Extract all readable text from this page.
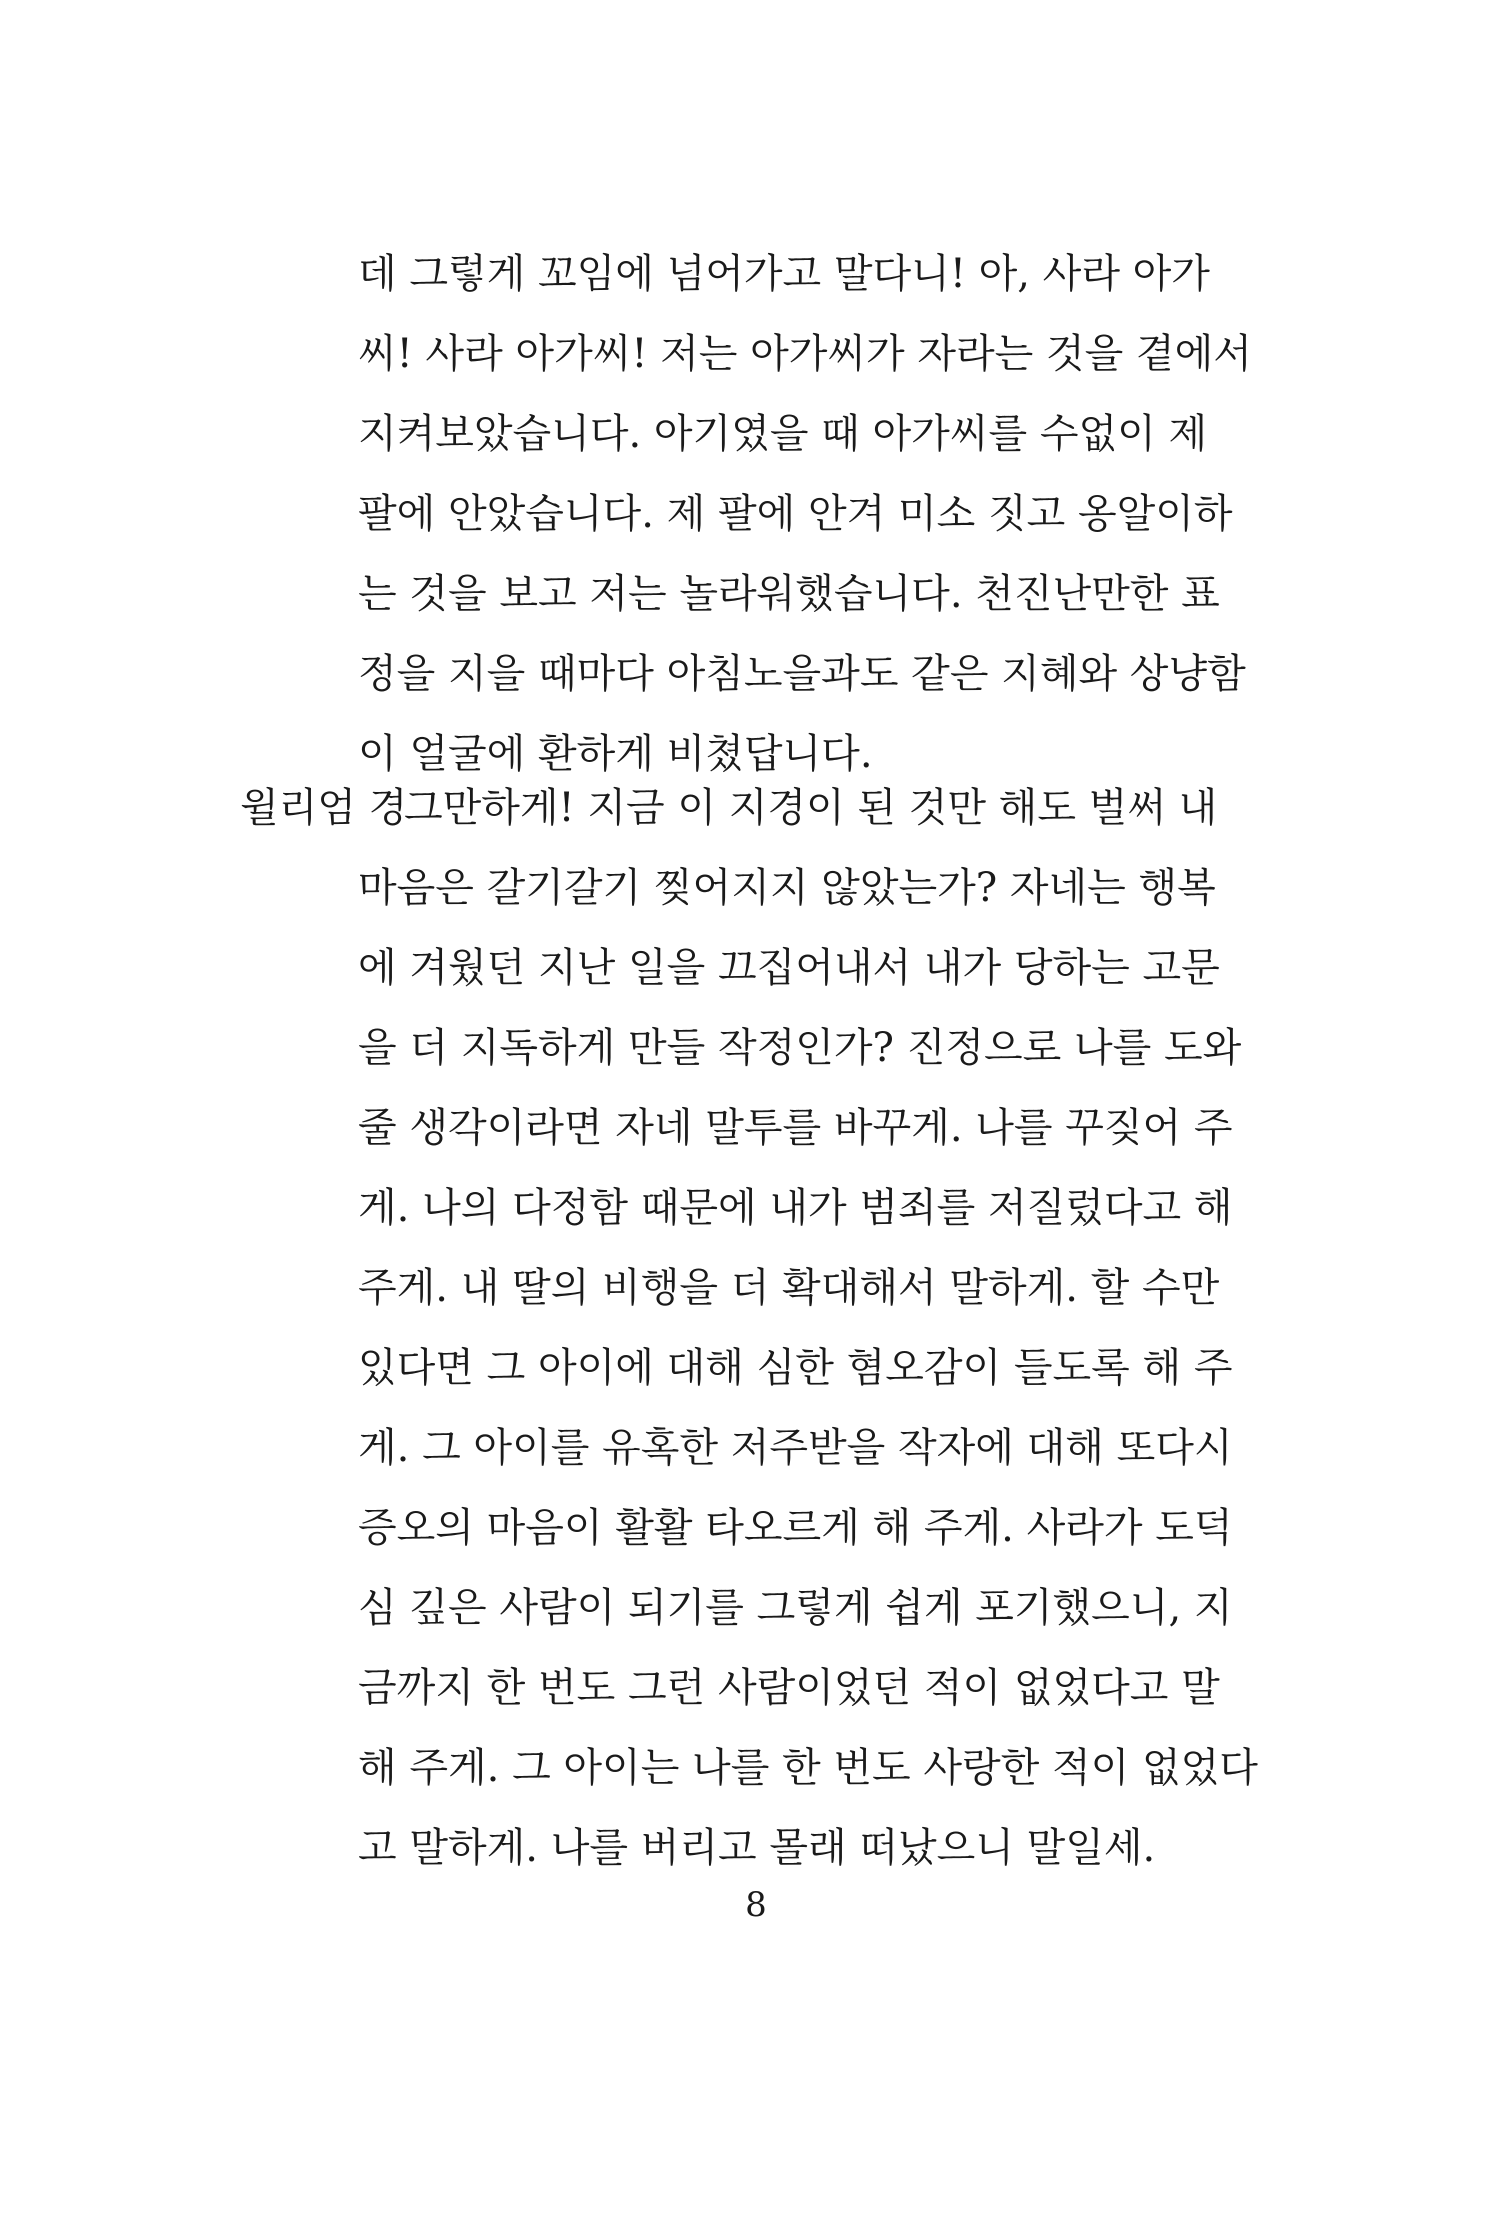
데 그렇게 꼬임에 넘어가고 말다니! 아, 사라 아가
씨! 사라 아가씨! 저는 아가씨가 자라는 것을 곁에서
지켜보았습니다. 아기였을 때 아가씨를 수없이 제
팔에 안았습니다. 제 팔에 안겨 미소 짓고 옹알이하
는 것을 보고 저는 놀라워했습니다. 천진난만한 표
정을 지을 때마다 아침노을과도 같은 지혜와 상냥함
이 얼굴에 환하게 비쳤답니다.
윌리엄 경
그만하게! 지금 이 지경이 된 것만 해도 벌써 내
마음은 갈기갈기 찢어지지 않았는가? 자네는 행복
에 겨웠던 지난 일을 끄집어내서 내가 당하는 고문
을 더 지독하게 만들 작정인가? 진정으로 나를 도와
줄 생각이라면 자네 말투를 바꾸게. 나를 꾸짖어 주
게. 나의 다정함 때문에 내가 범죄를 저질렀다고 해
주게. 내 딸의 비행을 더 확대해서 말하게. 할 수만
있다면 그 아이에 대해 심한 혐오감이 들도록 해 주
게. 그 아이를 유혹한 저주받을 작자에 대해 또다시
증오의 마음이 활활 타오르게 해 주게. 사라가 도덕
심 깊은 사람이 되기를 그렇게 쉽게 포기했으니, 지
금까지 한 번도 그런 사람이었던 적이 없었다고 말
해 주게. 그 아이는 나를 한 번도 사랑한 적이 없었다
고 말하게. 나를 버리고 몰래 떠났으니 말일세.
8
